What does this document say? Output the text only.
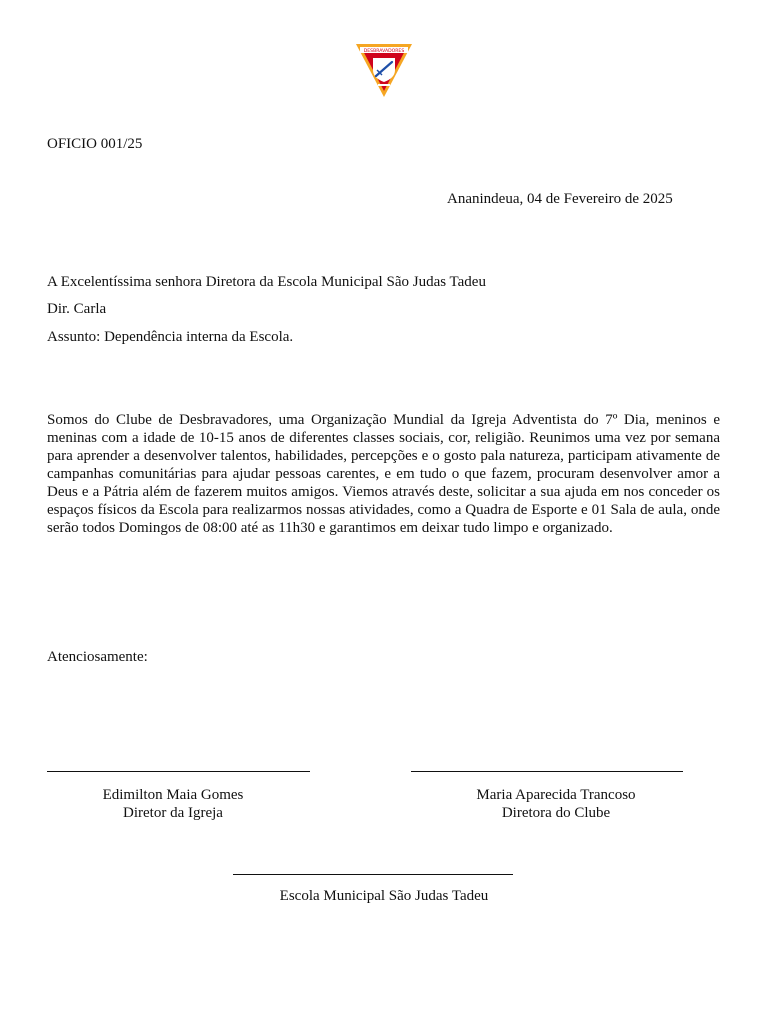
DESBRAVADORES
OFICIO 001/25
Ananindeua, 04 de Fevereiro de 2025
A Excelentíssima senhora Diretora da Escola Municipal São Judas Tadeu
Dir. Carla
Assunto: Dependência interna da Escola.
Somos do Clube de Desbravadores, uma Organização Mundial da Igreja Adventista do 7º Dia, meninos e meninas com a idade de 10-15 anos de diferentes classes sociais, cor, religião. Reunimos uma vez por semana para aprender a desenvolver talentos, habilidades, percepções e o gosto pala natureza, participam ativamente de campanhas comunitárias para ajudar pessoas carentes, e em tudo o que fazem, procuram desenvolver amor a Deus e a Pátria além de fazerem muitos amigos. Viemos através deste, solicitar a sua ajuda em nos conceder os espaços físicos da Escola para realizarmos nossas atividades, como a Quadra de Esporte e 01 Sala de aula, onde serão todos Domingos de 08:00 até as 11h30 e garantimos em deixar tudo limpo e organizado.
Atenciosamente:
Edimilton Maia Gomes
Diretor da Igreja
Maria Aparecida Trancoso
Diretora do Clube
Escola Municipal São Judas Tadeu
